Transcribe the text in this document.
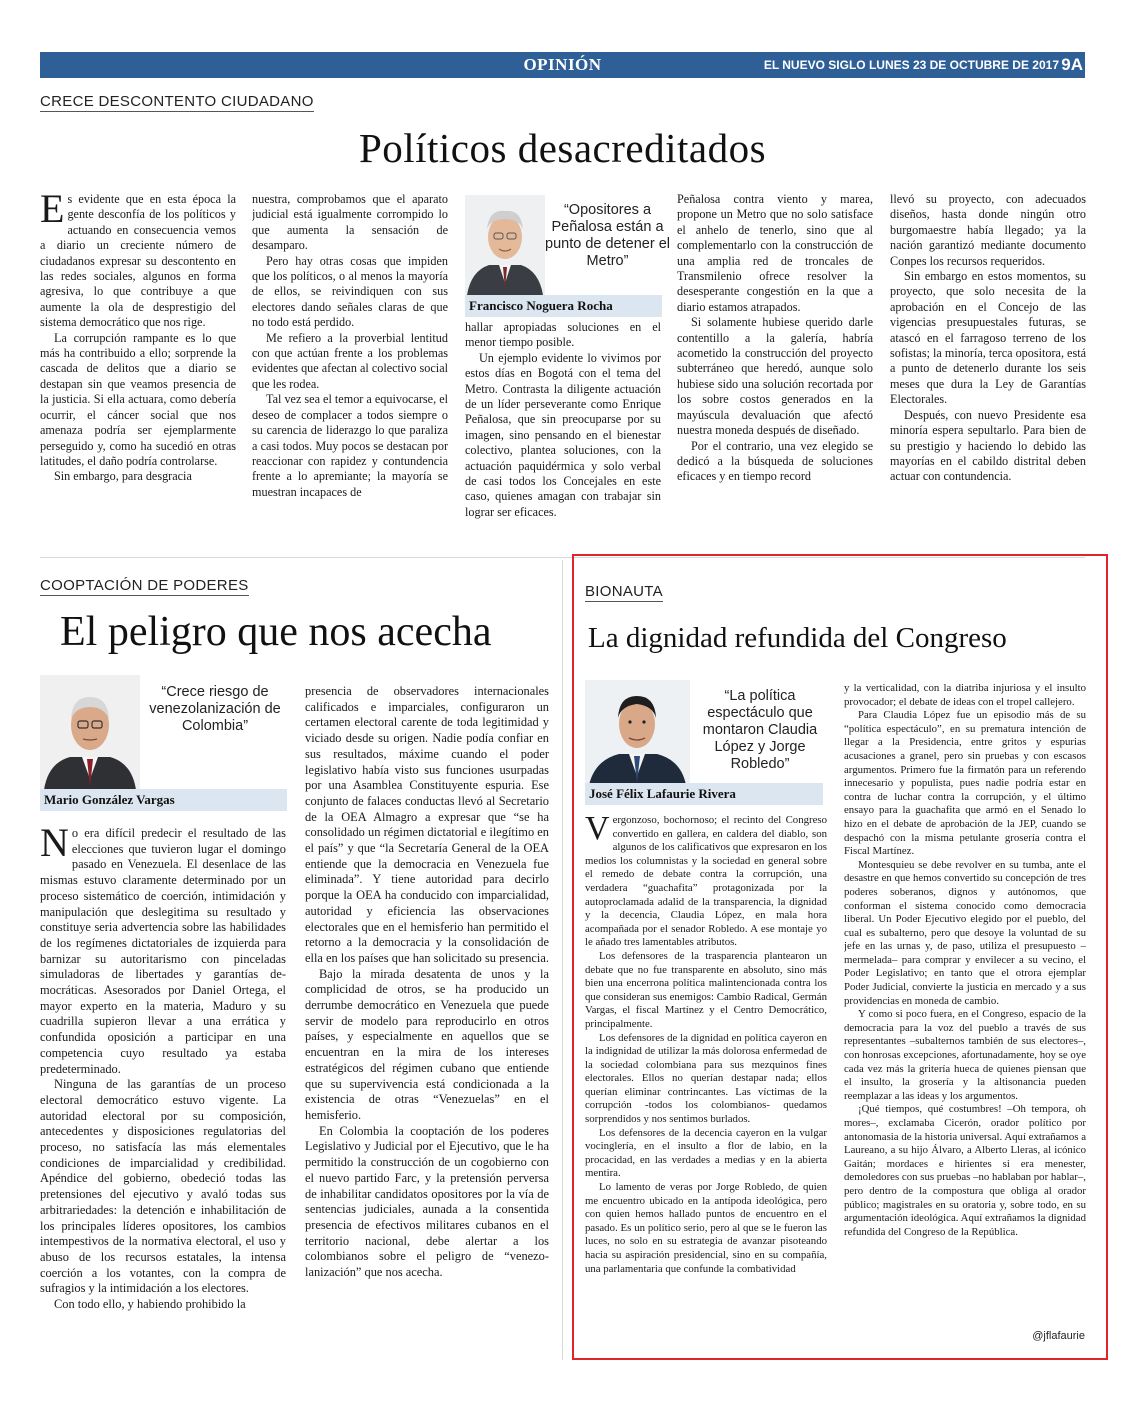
OPINIÓN	EL NUEVO SIGLO LUNES 23 DE OCTUBRE DE 2017 9A
CRECE DESCONTENTO CIUDADANO
Políticos desacreditados

Es evidente que en esta época la gente desconfía de los políticos y actuando en consecuencia vemos a diario un creciente número de ciudadanos expresar su descontento en las redes sociales, algunos en forma agresiva, lo que contribuye a que aumente la ola de desprestigio del sistema democrático que nos rige.

La corrupción rampante es lo que más ha contribuido a ello; sorprende la cascada de delitos que a diario se destapan sin que veamos presencia de la justicia. Si ella actuara, como debería ocurrir, el cáncer social que nos amenaza podría ser ejemplarmente perseguido y, como ha sucedió en otras latitudes, el daño podría controlarse.

Sin embargo, para desgracia

nuestra, comprobamos que el aparato judicial está igualmente corrompido lo que aumenta la sensación de desamparo.

Pero hay otras cosas que impiden que los políticos, o al menos la mayoría de ellos, se reivindiquen con sus electores dando señales claras de que no todo está perdido.

Me refiero a la proverbial lentitud con que actúan frente a los problemas evidentes que afectan al colectivo social que les rodea.

Tal vez sea el temor a equivocarse, el deseo de complacer a todos siempre o su carencia de liderazgo lo que paraliza a casi todos. Muy pocos se destacan por reaccionar con rapidez y contundencia frente a lo apremiante; la mayoría se muestran incapaces de

“Opositores a Peñalosa están a punto de detener el Metro”
Francisco Noguera Rocha

hallar apropiadas soluciones en el menor tiempo posible.

Un ejemplo evidente lo vivimos por estos días en Bogotá con el tema del Metro. Contrasta la diligente actuación de un líder perseverante como Enrique Peñalosa, que sin preocuparse por su imagen, sino pensando en el bienestar colectivo, plantea soluciones, con la actuación paquidérmica y solo verbal de casi todos los Concejales en este caso, quienes amagan con trabajar sin lograr ser eficaces.

Peñalosa contra viento y marea, propone un Metro que no solo satisface el anhelo de tenerlo, sino que al complementarlo con la construcción de una amplia red de troncales de Transmilenio ofrece resolver la desesperante congestión en la que a diario estamos atrapados.

Si solamente hubiese querido darle contentillo a la galería, habría acometido la construcción del proyecto subterráneo que heredó, aunque solo hubiese sido una solución recortada por los sobre costos generados en la mayúscula devaluación que afectó nuestra moneda después de diseñado.

Por el contrario, una vez elegido se dedicó a la búsqueda de soluciones eficaces y en tiempo record

llevó su proyecto, con adecuados diseños, hasta donde ningún otro burgomaestre había llegado; ya la nación garantizó mediante documento Conpes los recursos requeridos.

Sin embargo en estos momentos, su proyecto, que solo necesita de la aprobación en el Concejo de las vigencias presupuestales futuras, se atascó en el farragoso terreno de los sofistas; la minoría, terca opositora, está a punto de detenerlo durante los seis meses que dura la Ley de Garantías Electorales.

Después, con nuevo Presidente esa minoría espera sepultarlo. Para bien de su prestigio y haciendo lo debido las mayorías en el cabildo distrital deben actuar con contundencia.

COOPTACIÓN DE PODERES
El peligro que nos acecha
“Crece riesgo de venezolanización de Colombia”
Mario González Vargas

No era difícil predecir el resultado de las elecciones que tuvieron lugar el domingo pasado en Venezuela. El desenlace de las mismas estuvo claramente determinado por un proceso sistemático de coerción, intimidación y manipulación que deslegitima su resultado y constituye seria advertencia sobre las habilidades de los regímenes dictatoriales de izquierda para barnizar su autoritarismo con pinceladas simuladoras de libertades y garantías democráticas. Asesorados por Daniel Ortega, el mayor experto en la materia, Maduro y su cuadrilla supieron llevar a una errática y confundida oposición a participar en una competencia cuyo resultado ya estaba predeterminado.

Ninguna de las garantías de un proceso electoral democrático estuvo vigente. La autoridad electoral por su composición, antecedentes y disposiciones regulatorias del proceso, no satisfacía las más elementales condiciones de imparcialidad y credibilidad. Apéndice del gobierno, obedeció todas las pretensiones del ejecutivo y avaló todas sus arbitrariedades: la detención e inhabilitación de los principales líderes opositores, los cambios intempestivos de la normativa electoral, el uso y abuso de los recursos estatales, la intensa coerción a los votantes, con la compra de sufragios y la intimidación a los electores.

Con todo ello, y habiendo prohibido la

presencia de observadores internacionales calificados e imparciales, configuraron un certamen electoral carente de toda legitimidad y viciado desde su origen. Nadie podía confiar en sus resultados, máxime cuando el poder legislativo había visto sus funciones usurpadas por una Asamblea Constituyente espuria. Ese conjunto de falaces conductas llevó al Secretario de la OEA Almagro a expresar que “se ha consolidado un régimen dictatorial e ilegítimo en el país” y que “la Secretaría General de la OEA entiende que la democracia en Venezuela fue eliminada”. Y tiene autoridad para decirlo porque la OEA ha conducido con imparcialidad, autoridad y eficiencia las observaciones electorales que en el hemisferio han permitido el retorno a la democracia y la consolidación de ella en los países que han solicitado su presencia.

Bajo la mirada desatenta de unos y la complicidad de otros, se ha producido un derrumbe democrático en Venezuela que puede servir de modelo para reproducirlo en otros países, y especialmente en aquellos que se encuentran en la mira de los intereses estratégicos del régimen cubano que entiende que su supervivencia está condicionada a la existencia de otras “Venezuelas” en el hemisferio.

En Colombia la cooptación de los poderes Legislativo y Judicial por el Ejecutivo, que le ha permitido la construcción de un cogobierno con el nuevo partido Farc, y la pretensión perversa de inhabilitar candidatos opositores por la vía de sentencias judiciales, aunada a la consentida presencia de efectivos militares cubanos en el territorio nacional, debe alertar a los colombianos sobre el peligro de “venezolanización” que nos acecha.

BIONAUTA
La dignidad refundida del Congreso
“La política espectáculo que montaron Claudia López y Jorge Robledo”
José Félix Lafaurie Rivera

Vergonzoso, bochornoso; el recinto del Congreso convertido en gallera, en caldera del diablo, son algunos de los calificativos que expresaron en los medios los columnistas y la sociedad en general sobre el remedo de debate contra la corrupción, una verdadera “guachafita” protagonizada por la autoproclamada adalid de la transparencia, la dignidad y la decencia, Claudia López, en mala hora acompañada por el senador Robledo. A ese montaje yo le añado tres lamentables atributos.

Los defensores de la trasparencia plantearon un debate que no fue transparente en absoluto, sino más bien una encerrona política malintencionada contra los que consideran sus enemigos: Cambio Radical, Germán Vargas, el fiscal Martínez y el Centro Democrático, principalmente.

Los defensores de la dignidad en política cayeron en la indignidad de utilizar la más dolorosa enfermedad de la sociedad colombiana para sus mezquinos fines electorales. Ellos no querían destapar nada; ellos querían eliminar contrincantes. Las víctimas de la corrupción -todos los colombianos- quedamos sorprendidos y nos sentimos burlados.

Los defensores de la decencia cayeron en la vulgar vocinglería, en el insulto a flor de labio, en la procacidad, en las verdades a medias y en la abierta mentira.

Lo lamento de veras por Jorge Robledo, de quien me encuentro ubicado en la antípoda ideológica, pero con quien hemos hallado puntos de encuentro en el pasado. Es un político serio, pero al que se le fueron las luces, no solo en su estrategia de avanzar pisoteando hacia su aspiración presidencial, sino en su compañía, una parlamentaria que confunde la combatividad

y la verticalidad, con la diatriba injuriosa y el insulto provocador; el debate de ideas con el tropel callejero.

Para Claudia López fue un episodio más de su “política espectáculo”, en su prematura intención de llegar a la Presidencia, entre gritos y espurias acusaciones a granel, pero sin pruebas y con escasos argumentos. Primero fue la firmatón para un referendo innecesario y populista, pues nadie podría estar en contra de luchar contra la corrupción, y el último ensayo para la guachafita que armó en el Senado lo hizo en el debate de aprobación de la JEP, cuando se despachó con la misma petulante grosería contra el Fiscal Martínez.

Montesquieu se debe revolver en su tumba, ante el desastre en que hemos convertido su concepción de tres poderes soberanos, dignos y autónomos, que conforman el sistema conocido como democracia liberal. Un Poder Ejecutivo elegido por el pueblo, del cual es subalterno, pero que desoye la voluntad de su jefe en las urnas y, de paso, utiliza el presupuesto –mermelada– para comprar y envilecer a su vecino, el Poder Legislativo; en tanto que el otrora ejemplar Poder Judicial, convierte la justicia en mercado y a sus providencias en moneda de cambio.

Y como si poco fuera, en el Congreso, espacio de la democracia para la voz del pueblo a través de sus representantes –subalternos también de sus electores–, con honrosas excepciones, afortunadamente, hoy se oye cada vez más la gritería hueca de quienes piensan que el insulto, la grosería y la altisonancia pueden reemplazar a las ideas y los argumentos.

¡Qué tiempos, qué costumbres! –Oh tempora, oh mores–, exclamaba Cicerón, orador político por antonomasia de la historia universal. Aquí extrañamos a Laureano, a su hijo Álvaro, a Alberto Lleras, al icónico Gaitán; mordaces e hirientes si era menester, demoledores con sus pruebas –no hablaban por hablar–, pero dentro de la compostura que obliga al orador público; magistrales en su oratoria y, sobre todo, en su argumentación ideológica. Aquí extrañamos la dignidad refundida del Congreso de la República.

@jflafaurie
